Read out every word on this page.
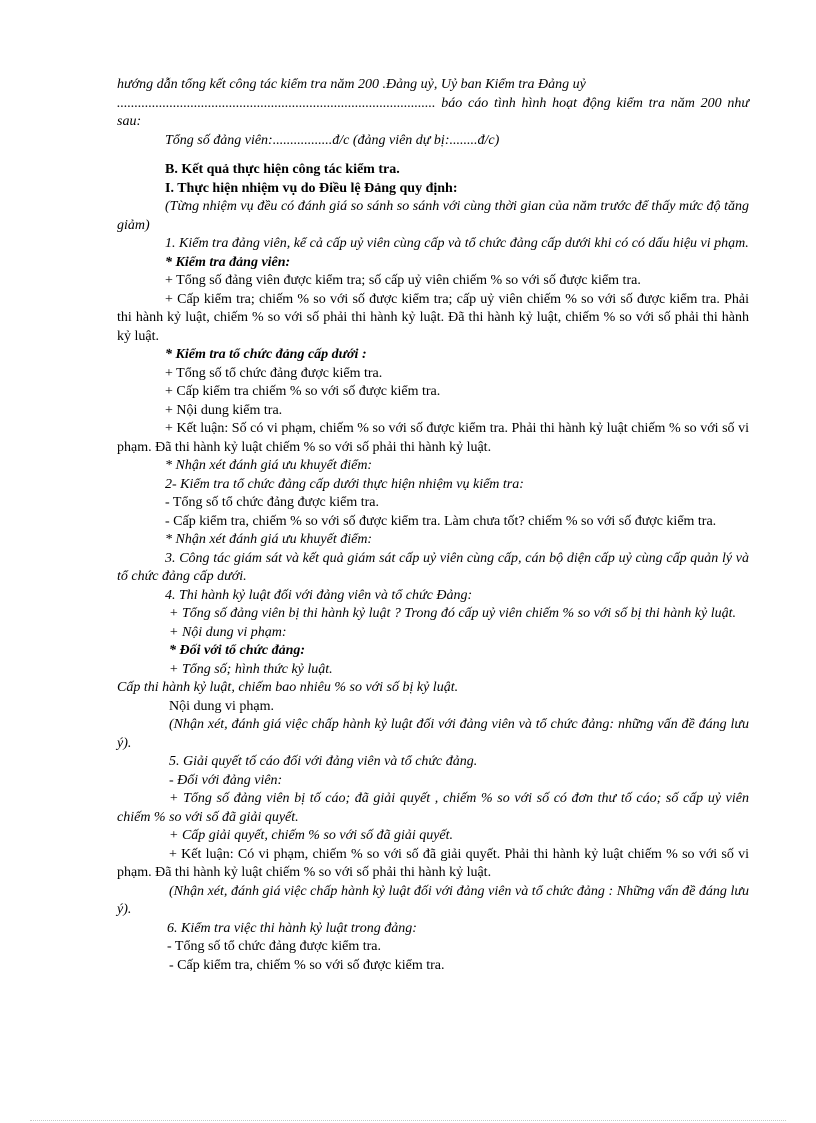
hướng dẫn tổng kết công tác kiểm tra năm 200 .Đảng uỷ, Uỷ ban Kiểm tra Đảng uỷ

........................................................................................... báo cáo tình hình hoạt động kiểm tra năm 200 như sau:

Tổng số đảng viên:.................đ/c (đảng viên dự bị:........đ/c)

B. Kết quả thực hiện công tác kiểm tra.

I. Thực hiện nhiệm vụ do Điều lệ Đảng quy định:

(Từng nhiệm vụ đều có đánh giá so sánh so sánh với cùng thời gian của năm trước để thấy mức độ tăng giảm)

1. Kiểm tra đảng viên, kể cả cấp uỷ viên cùng cấp và tổ chức đảng cấp dưới khi có có dấu hiệu vi phạm.

* Kiểm tra đảng viên:

+ Tổng số đảng viên được kiểm tra; số cấp uỷ viên chiếm % so với số được kiểm tra.

+ Cấp kiểm tra; chiếm % so với số được kiểm tra; cấp uỷ viên chiếm % so với số được kiểm tra. Phải thi hành kỷ luật, chiếm % so với số phải thi hành kỷ luật. Đã thi hành kỷ luật, chiếm % so với số phải thi hành kỷ luật.

* Kiểm tra tổ chức đảng cấp dưới :

+ Tổng số tổ chức đảng được kiểm tra.

+ Cấp kiểm tra chiếm % so với số được kiểm tra.

+ Nội dung kiểm tra.

+ Kết luận: Số có vi phạm, chiếm % so với số được kiểm tra. Phải thi hành kỷ luật chiếm % so với số vi phạm. Đã thi hành kỷ luật chiếm % so với số phải thi hành kỷ luật.

* Nhận xét đánh giá ưu khuyết điểm:

2- Kiểm tra tổ chức đảng cấp dưới thực hiện nhiệm vụ kiểm tra:

- Tổng số tổ chức đảng được kiểm tra.

- Cấp kiểm tra, chiếm % so với số được kiểm tra. Làm chưa tốt? chiếm % so với số được kiểm tra.

* Nhận xét đánh giá ưu khuyết điểm:

3. Công tác giám sát và kết quả giám sát cấp uỷ viên cùng cấp, cán bộ diện cấp uỷ cùng cấp quản lý và tổ chức đảng cấp dưới.

4. Thi hành kỷ luật đối với đảng viên và tổ chức Đảng:

+ Tổng số đảng viên bị thi hành kỷ luật ? Trong đó cấp uỷ viên chiếm % so với số bị thi hành kỷ luật.

+ Nội dung vi phạm:

* Đối với tổ chức đảng:

+ Tổng số; hình thức kỷ luật.

Cấp thi hành kỷ luật, chiếm bao nhiêu % so với số bị kỷ luật.

Nội dung vi phạm.

(Nhận xét, đánh giá việc chấp hành kỷ luật đối với đảng viên và tổ chức đảng: những vấn đề đáng lưu ý).

5. Giải quyết tố cáo đối với đảng viên và tổ chức đảng.

- Đối với đảng viên:

+ Tổng số đảng viên bị tố cáo; đã giải quyết , chiếm % so với số có đơn thư tố cáo; số cấp uỷ viên chiếm % so với số đã giải quyết.

+ Cấp giải quyết, chiếm % so với số đã giải quyết.

+ Kết luận: Có vi phạm, chiếm % so với số đã giải quyết. Phải thi hành kỷ luật chiếm % so với số vi phạm. Đã thi hành kỷ luật chiếm % so với số phải thi hành kỷ luật.

(Nhận xét, đánh giá việc chấp hành kỷ luật đối với đảng viên và tổ chức đảng : Những vấn đề đáng lưu ý).

6. Kiểm tra việc thi hành kỷ luật trong đảng:

- Tổng số tổ chức đảng được kiểm tra.

- Cấp kiểm tra, chiếm % so với số được kiểm tra.
